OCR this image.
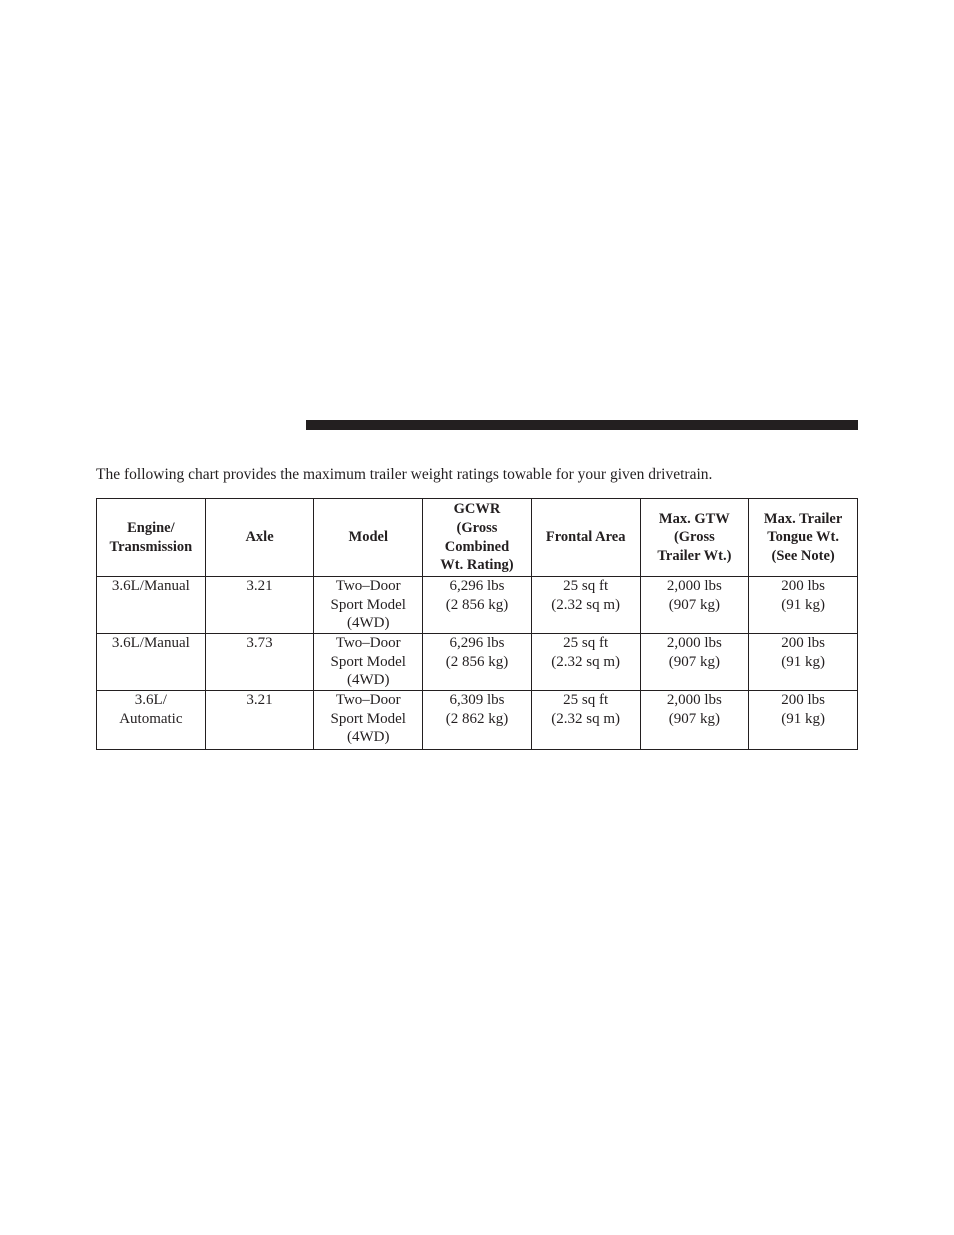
The following chart provides the maximum trailer weight ratings towable for your given drivetrain.

Engine/
Transmission	Axle	Model	GCWR
(Gross
Combined
Wt. Rating)	Frontal Area	Max. GTW
(Gross
Trailer Wt.)	Max. Trailer
Tongue Wt.
(See Note)

3.6L/Manual	3.21	Two–Door
Sport Model
(4WD)	6,296 lbs
(2 856 kg)	25 sq ft
(2.32 sq m)	2,000 lbs
(907 kg)	200 lbs
(91 kg)

3.6L/Manual	3.73	Two–Door
Sport Model
(4WD)	6,296 lbs
(2 856 kg)	25 sq ft
(2.32 sq m)	2,000 lbs
(907 kg)	200 lbs
(91 kg)

3.6L/
Automatic	3.21	Two–Door
Sport Model
(4WD)	6,309 lbs
(2 862 kg)	25 sq ft
(2.32 sq m)	2,000 lbs
(907 kg)	200 lbs
(91 kg)
